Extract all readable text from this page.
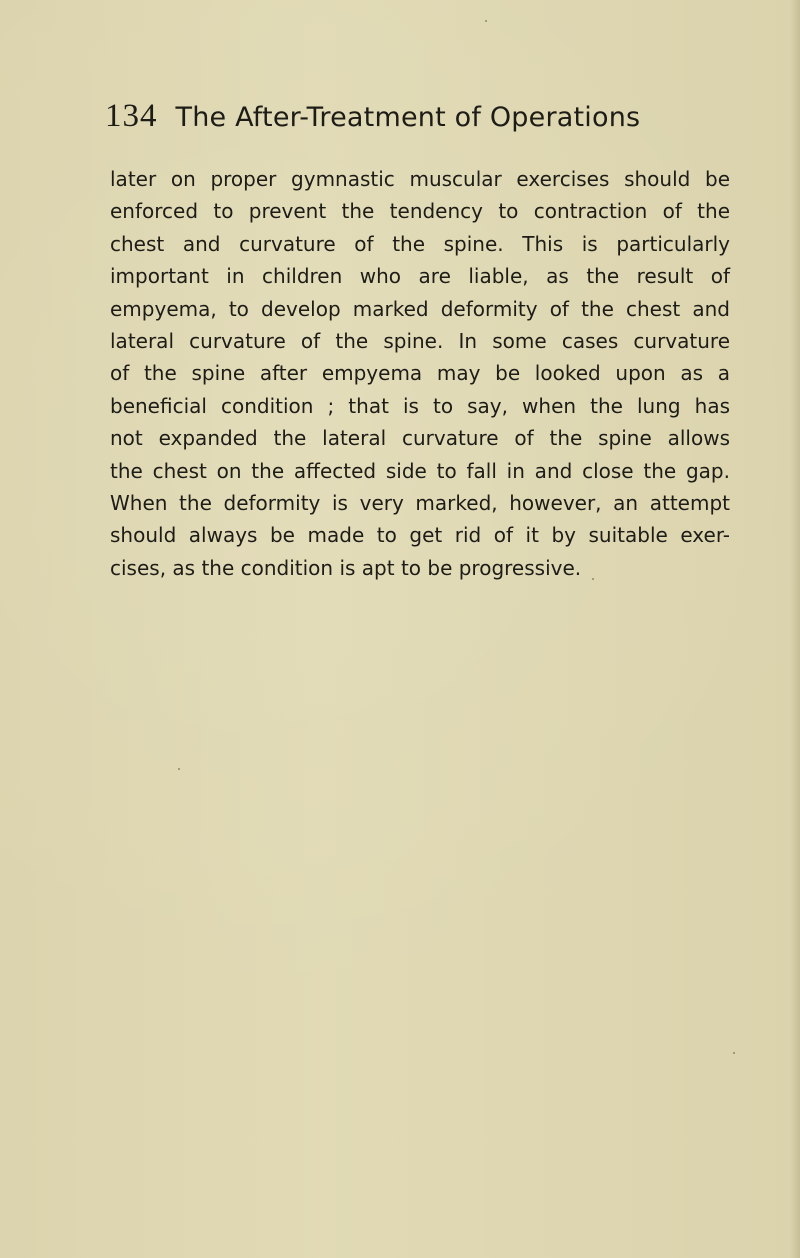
134 The After-Treatment of Operations

later on proper gymnastic muscular exercises should be
enforced to prevent the tendency to contraction of the
chest and curvature of the spine. This is particularly
important in children who are liable, as the result of
empyema, to develop marked deformity of the chest and
lateral curvature of the spine. In some cases curvature
of the spine after empyema may be looked upon as a
beneficial condition ; that is to say, when the lung has
not expanded the lateral curvature of the spine allows
the chest on the affected side to fall in and close the gap.
When the deformity is very marked, however, an attempt
should always be made to get rid of it by suitable exer-
cises, as the condition is apt to be progressive.
